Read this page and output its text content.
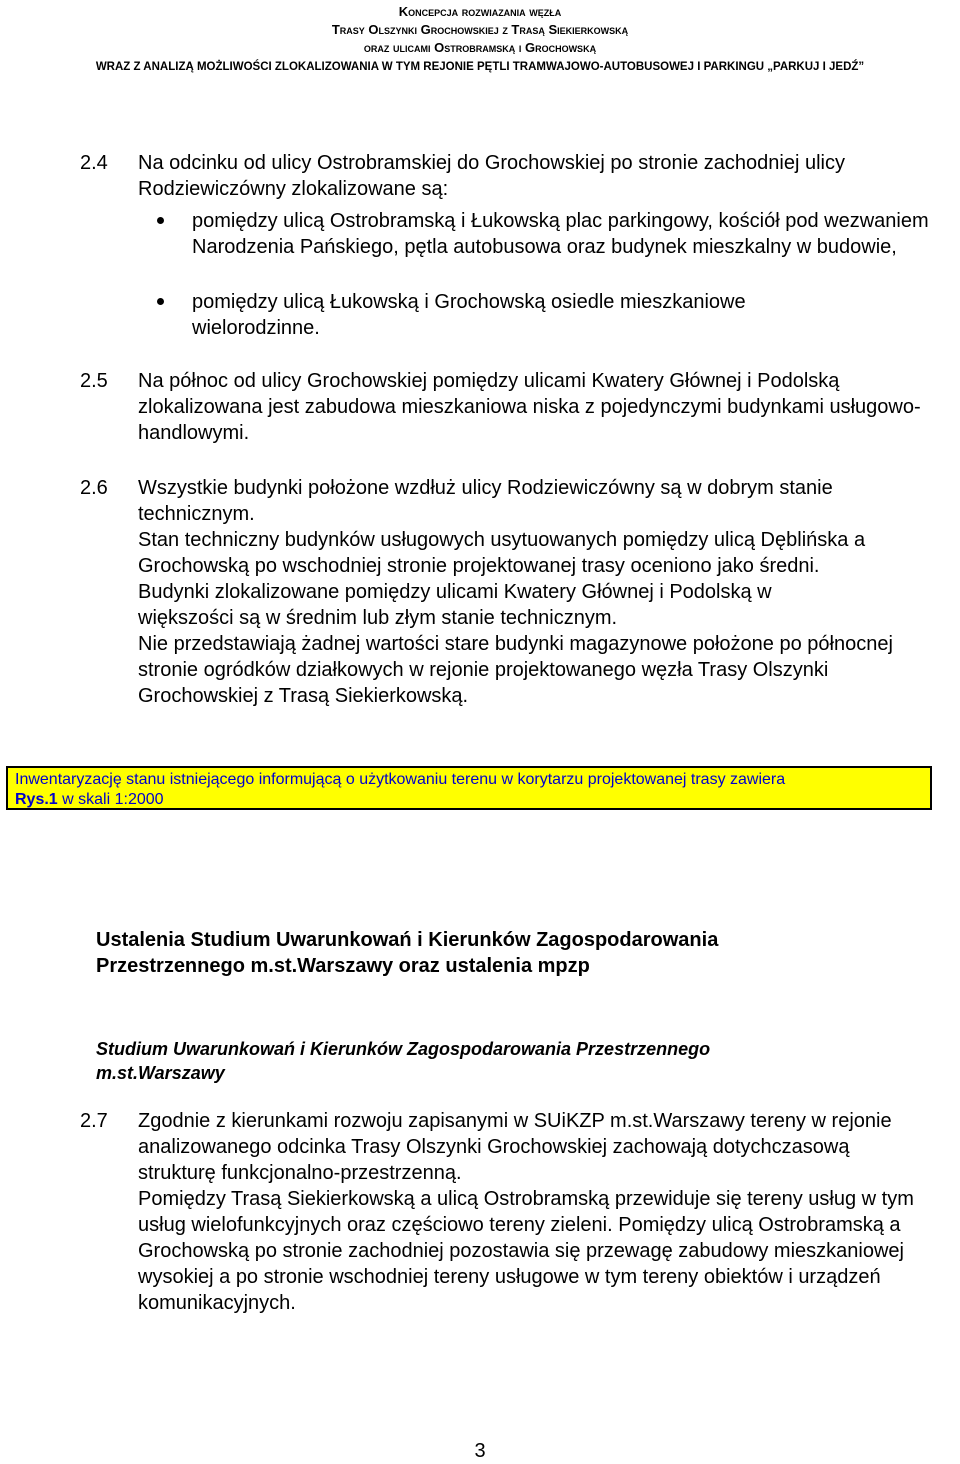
Koncepcja rozwiazania węzła
Trasy Olszynki Grochowskiej z Trasą Siekierkowską
oraz ulicami Ostrobramską i Grochowską
WRAZ Z ANALIZĄ MOŻLIWOŚCI ZLOKALIZOWANIA W TYM REJONIE PĘTLI TRAMWAJOWO-AUTOBUSOWEJ I PARKINGU „PARKUJ I JEDŹ”
2.4 Na odcinku od ulicy Ostrobramskiej do Grochowskiej po stronie zachodniej ulicy Rodziewiczówny zlokalizowane są:
pomiędzy ulicą Ostrobramską i Łukowską plac parkingowy, kościół pod wezwaniem Narodzenia Pańskiego, pętla autobusowa oraz budynek mieszkalny w budowie,
pomiędzy ulicą Łukowską i Grochowską osiedle mieszkaniowe wielorodzinne.
2.5 Na północ od ulicy Grochowskiej pomiędzy ulicami Kwatery Głównej i Podolską zlokalizowana jest zabudowa mieszkaniowa niska z pojedynczymi budynkami usługowo-handlowymi.
2.6 Wszystkie budynki położone wzdłuż ulicy Rodziewiczówny są w dobrym stanie technicznym.

Stan techniczny budynków usługowych usytuowanych pomiędzy ulicą Dęblińska a Grochowską po wschodniej stronie projektowanej trasy oceniono jako średni.

Budynki zlokalizowane pomiędzy ulicami Kwatery Głównej i Podolską w większości są w średnim lub złym stanie technicznym.

Nie przedstawiają żadnej wartości stare budynki magazynowe położone po północnej stronie ogródków działkowych w rejonie projektowanego węzła Trasy Olszynki Grochowskiej z Trasą Siekierkowską.

Inwentaryzację stanu istniejącego informującą o użytkowaniu terenu w korytarzu projektowanej trasy zawiera
Rys.1 w skali 1:2000
Ustalenia Studium Uwarunkowań i Kierunków Zagospodarowania
Przestrzennego m.st.Warszawy oraz ustalenia mpzp
Studium Uwarunkowań i Kierunków Zagospodarowania Przestrzennego
m.st.Warszawy
2.7 Zgodnie z kierunkami rozwoju zapisanymi w SUiKZP m.st.Warszawy tereny w rejonie analizowanego odcinka Trasy Olszynki Grochowskiej zachowają dotychczasową strukturę funkcjonalno-przestrzenną.

Pomiędzy Trasą Siekierkowską a ulicą Ostrobramską przewiduje się tereny usług w tym usług wielofunkcyjnych oraz częściowo tereny zieleni. Pomiędzy ulicą Ostrobramską a Grochowską po stronie zachodniej pozostawia się przewagę zabudowy mieszkaniowej wysokiej a po stronie wschodniej tereny usługowe w tym tereny obiektów i urządzeń komunikacyjnych.

3
